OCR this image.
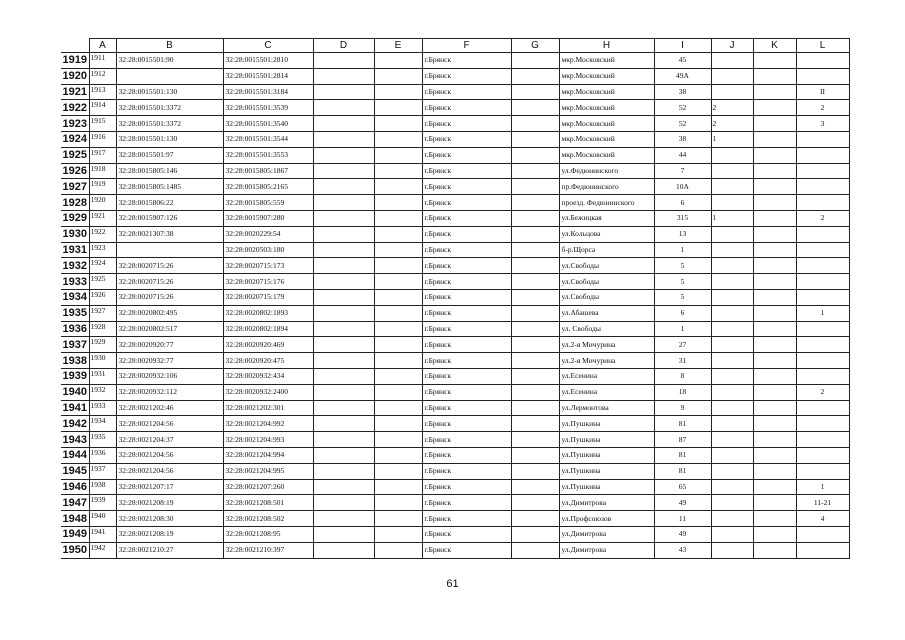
	A	B	C	D	E	F	G	H	I	J	K	L
1919	1911	32:28:0015501:90	32:28:0015501:2810			г.Брянск		мкр.Московский	45			
1920	1912		32:28:0015501:2814			г.Брянск		мкр.Московский	49А			
1921	1913	32:28:0015501:130	32:28:0015501:3184			г.Брянск		мкр.Московский	38			II
1922	1914	32:28:0015501:3372	32:28:0015501:3539			г.Брянск		мкр.Московский	52	2		2
1923	1915	32:28:0015501:3372	32:28:0015501:3540			г.Брянск		мкр.Московский	52	2		3
1924	1916	32:28:0015501:130	32:28:0015501:3544			г.Брянск		мкр.Московский	38	1		
1925	1917	32:28:0015501:97	32:28:0015501:3553			г.Брянск		мкр.Московский	44			
1926	1918	32:28:0015805:146	32:28:0015805:1867			г.Брянск		ул.Федюнинского	7			
1927	1919	32:28:0015805:1485	32:28:0015805:2165			г.Брянск		пр.Федюнинского	10А			
1928	1920	32:28:0015806:22	32:28:0015805:559			г.Брянск		проезд. Федюнинского	6			
1929	1921	32:28:0015907:126	32:28:0015907:280			г.Брянск		ул.Бежицкая	315	1		2
1930	1922	32:28:0021307:38	32:28:0020229:54			г.Брянск		ул.Кольцова	13			
1931	1923		32:28:0020503:180			г.Брянск		б-р.Щорса	1			
1932	1924	32:28:0020715:26	32:28:0020715:173			г.Брянск		ул.Свободы	5			
1933	1925	32:28:0020715:26	32:28:0020715:176			г.Брянск		ул.Свободы	5			
1934	1926	32:28:0020715:26	32:28:0020715:179			г.Брянск		ул.Свободы	5			
1935	1927	32:28:0020802:495	32:28:0020802:1893			г.Брянск		ул.Абашева	6			1
1936	1928	32:28:0020802:517	32:28:0020802:1894			г.Брянск		ул. Свободы	1			
1937	1929	32:28:0020920:77	32:28:0020920:469			г.Брянск		ул.2-я Мичурина	27			
1938	1930	32:28:0020932:77	32:28:0020920:475			г.Брянск		ул.2-я Мичурина	31			
1939	1931	32:28:0020932:106	32:28:0020932:434			г.Брянск		ул.Есенина	8			
1940	1932	32:28:0020932:112	32:28:0020932:2400			г.Брянск		ул.Есенина	18			2
1941	1933	32:28:0021202:46	32:28:0021202:301			г.Брянск		ул.Лермонтова	9			
1942	1934	32:28:0021204:56	32:28:0021204:992			г.Брянск		ул.Пушкина	81			
1943	1935	32:28:0021204:37	32:28:0021204:993			г.Брянск		ул.Пушкина	87			
1944	1936	32:28:0021204:56	32:28:0021204:994			г.Брянск		ул.Пушкина	81			
1945	1937	32:28:0021204:56	32:28:0021204:995			г.Брянск		ул.Пушкина	81			
1946	1938	32:28:0021207:17	32:28:0021207:260			г.Брянск		ул.Пушкина	65			1
1947	1939	32:28:0021208:19	32:28:0021208:501			г.Брянск		ул.Димитрова	49			11-21
1948	1940	32:28:0021208:30	32:28:0021208:502			г.Брянск		ул.Профсоюзов	11			4
1949	1941	32:28:0021208:19	32:28:0021208:95			г.Брянск		ул.Димитрова	49			
1950	1942	32:28:0021210:27	32:28:0021210:397			г.Брянск		ул.Димитрова	43			
61
